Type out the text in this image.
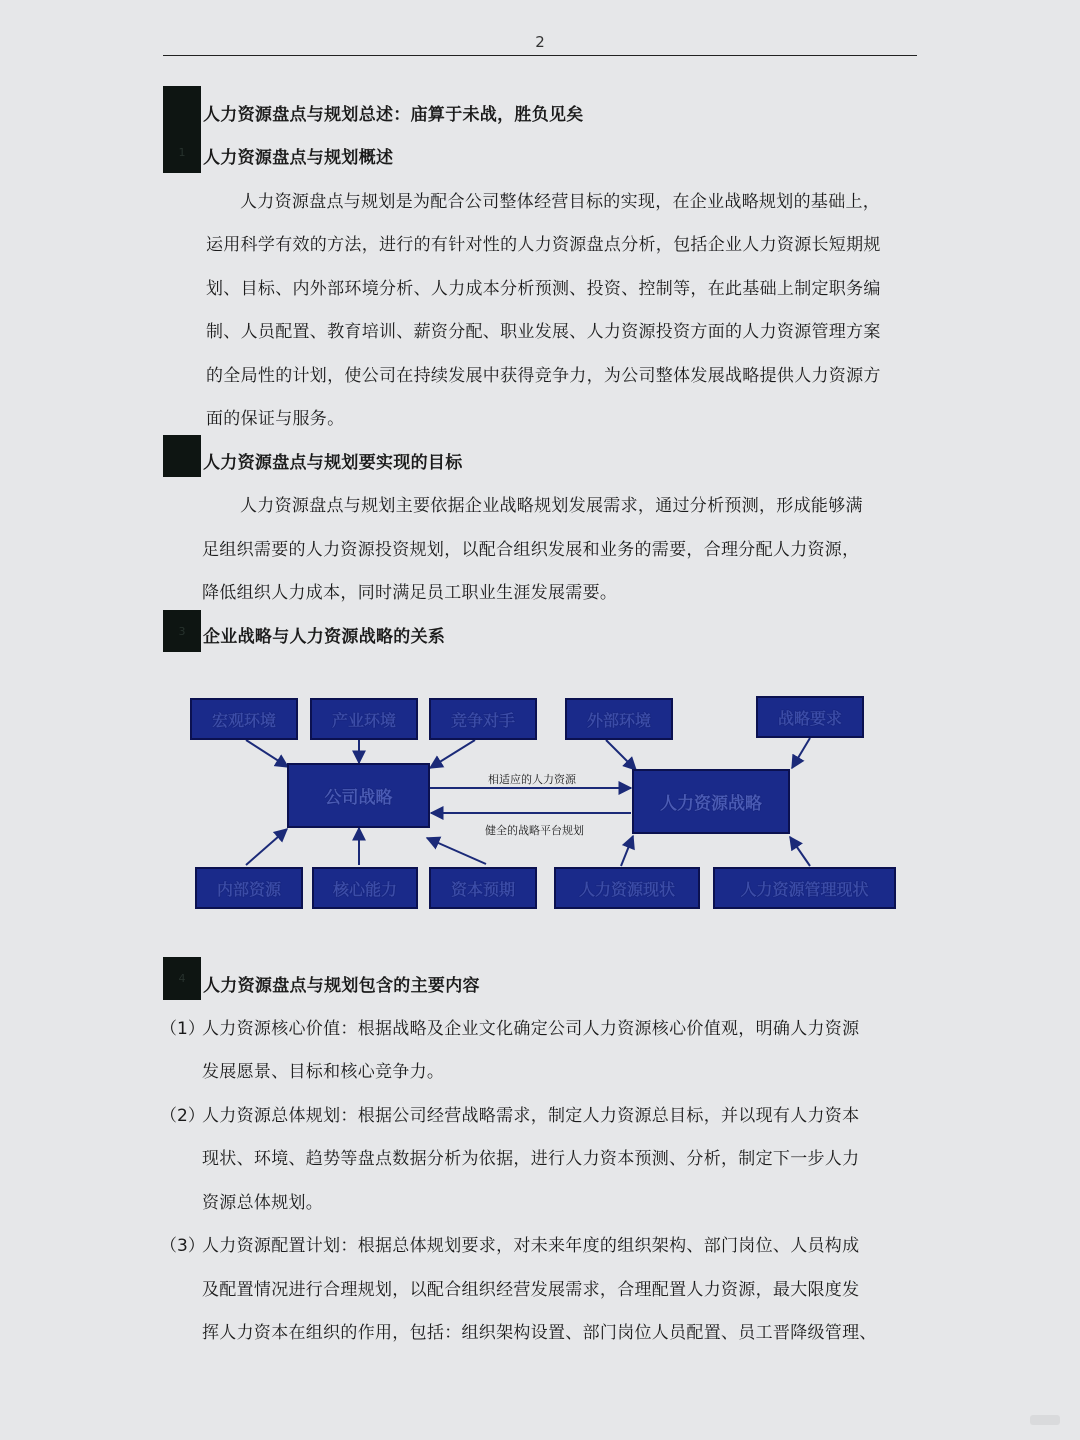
2
1
3
4
人力资源盘点与规划总述：庙算于未战，胜负见矣
人力资源盘点与规划概述
人力资源盘点与规划要实现的目标
企业战略与人力资源战略的关系
人力资源盘点与规划包含的主要内容
人力资源盘点与规划是为配合公司整体经营目标的实现，在企业战略规划的基础上，
运用科学有效的方法，进行的有针对性的人力资源盘点分析，包括企业人力资源长短期规
划、目标、内外部环境分析、人力成本分析预测、投资、控制等，在此基础上制定职务编
制、人员配置、教育培训、薪资分配、职业发展、人力资源投资方面的人力资源管理方案
的全局性的计划，使公司在持续发展中获得竞争力，为公司整体发展战略提供人力资源方
面的保证与服务。
人力资源盘点与规划主要依据企业战略规划发展需求，通过分析预测，形成能够满
足组织需要的人力资源投资规划，以配合组织发展和业务的需要，合理分配人力资源，
降低组织人力成本，同时满足员工职业生涯发展需要。
宏观环境	产业环境	竞争对手	外部环境	战略要求
公司战略	人力资源战略
相适应的人力资源
健全的战略平台规划
内部资源	核心能力	资本预期	人力资源现状	人力资源管理现状
（1）
人力资源核心价值：根据战略及企业文化确定公司人力资源核心价值观，明确人力资源
发展愿景、目标和核心竞争力。
（2）
人力资源总体规划：根据公司经营战略需求，制定人力资源总目标，并以现有人力资本
现状、环境、趋势等盘点数据分析为依据，进行人力资本预测、分析，制定下一步人力
资源总体规划。
（3）
人力资源配置计划：根据总体规划要求，对未来年度的组织架构、部门岗位、人员构成
及配置情况进行合理规划，以配合组织经营发展需求，合理配置人力资源，最大限度发
挥人力资本在组织的作用，包括：组织架构设置、部门岗位人员配置、员工晋降级管理、
